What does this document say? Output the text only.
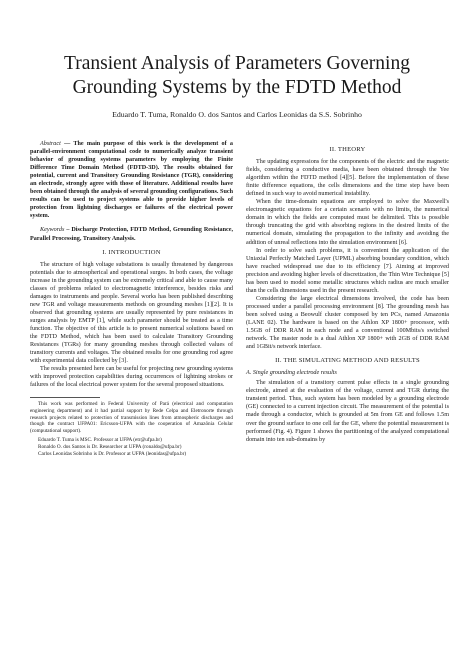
Transient Analysis of Parameters Governing
Grounding Systems by the FDTD Method
Eduardo T. Tuma, Ronaldo O. dos Santos and Carlos Leonidas da S.S. Sobrinho

Abstract — The main purpose of this work is the development of a parallel-environment computational code to numerically analyze transient behavior of grounding systems parameters by employing the Finite Difference Time Domain Method (FDTD-3D). The results obtained for potential, current and Transitory Grounding Resistance (TGR), considering an electrode, strongly agree with those of literature. Additional results have been obtained through the analysis of several grounding configurations. Such results can be used to project systems able to provide higher levels of protection from lightning discharges or failures of the electrical power system.

Keywords – Discharge Protection, FDTD Method, Grounding Resistance, Parallel Processing, Transitory Analysis.

I. INTRODUCTION

The structure of high voltage substations is usually threatened by dangerous potentials due to atmospherical and operational surges. In both cases, the voltage increase in the grounding system can be extremely critical and able to cause many classes of problems related to electromagnetic interference, besides risks and damages to instruments and people. Several works has been published describing new TGR and voltage measurements methods on grounding meshes [1][2]. It is observed that grounding systems are usually represented by pure resistances in surges analysis by EMTP [1], while such parameter should be treated as a time function. The objective of this article is to present numerical solutions based on the FDTD Method, which has been used to calculate Transitory Grounding Resistances (TGRs) for many grounding meshes through collected values of transitory currents and voltages. The obtained results for one grounding rod agree with experimental data collected by [3].

The results presented here can be useful for projecting new grounding systems with improved protection capabilities during occurrences of lightning strokes or failures of the local electrical power system for the several proposed situations.

This work was performed in Federal University of Pará (electrical and computation engineering department) and it had partial support by Rede Celpa and Eletronorte through research projects related to protection of transmission lines from atmospheric discharges and though the contract UFPA01: Ericsson-UFPA with the cooperation of Amazônia Celular (computational support).

Eduardo T. Tuma is MSC. Professor at UFPA (etr@ufpa.br)

Ronaldo O. dos Santos is Dr. Researcher at UFPA (ronaldo@ufpa.br)

Carlos Leonidas Sobrinho is Dr. Professor at UFPA (leonidas@ufpa.br)

II. THEORY

The updating expressions for the components of the electric and the magnetic fields, considering a conductive media, have been obtained through the Yee algorithm within the FDTD method [4][5]. Before the implementation of these finite difference equations, the cells dimensions and the time step have been defined in such way to avoid numerical instability.

When the time-domain equations are employed to solve the Maxwell's electromagnetic equations for a certain scenario with no limits, the numerical domain in which the fields are computed must be delimited. This is possible through truncating the grid with absorbing regions in the desired limits of the numerical domain, simulating the propagation to the infinity and avoiding the addition of unreal reflections into the simulation environment [6].

In order to solve such problems, it is convenient the application of the Uniaxial Perfectly Matched Layer (UPML) absorbing boundary condition, which have reached widespread use due to its efficiency [7]. Aiming at improved precision and avoiding higher levels of discretization, the Thin Wire Technique [5] has been used to model some metallic structures which radius are much smaller than the cells dimensions used in the present research.

Considering the large electrical dimensions involved, the code has been processed under a parallel processing environment [8]. The grounding mesh has been solved using a Beowulf cluster composed by ten PCs, named Amazonia (LANE 02). The hardware is based on the Athlon XP 1800+ processor, with 1.5GB of DDR RAM in each node and a conventional 100Mbits/s switched network. The master node is a dual Athlon XP 1800+ with 2GB of DDR RAM and 1GBit/s network interface.

II. THE SIMULATING METHOD AND RESULTS
A. Single grounding electrode results

The simulation of a transitory current pulse effects in a single grounding electrode, aimed at the evaluation of the voltage, current and TGR during the transient period. Thus, such system has been modeled by a grounding electrode (GE) connected to a current injection circuit. The measurement of the potential is made through a conductor, which is grounded at 5m from GE and follows 1.5m over the ground surface to one cell far the GE, where the potential measurement is performed (Fig. 4). Figure 1 shows the partitioning of the analyzed computational domain into ten sub-domains by
